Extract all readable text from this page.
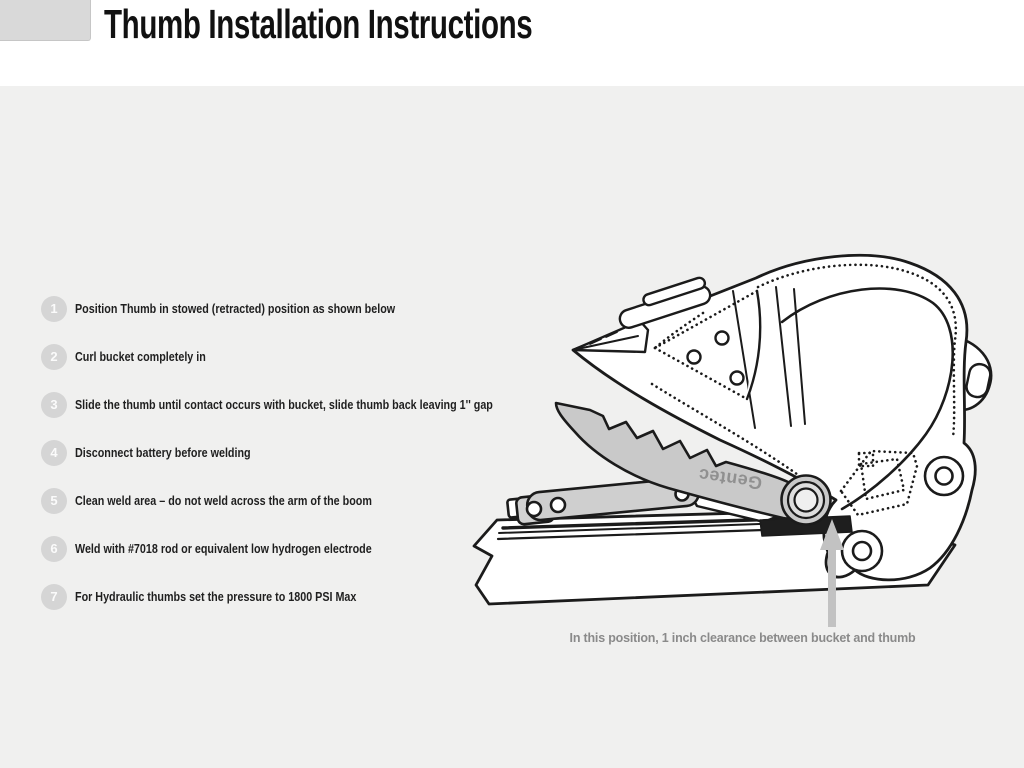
Thumb Installation Instructions
1	Position Thumb in stowed (retracted) position as shown below
2	Curl bucket completely in
3	Slide the thumb until contact occurs with bucket, slide thumb back leaving 1'' gap
4	Disconnect battery before welding
5	Clean weld area – do not weld across the arm of the boom
6	Weld with #7018 rod or equivalent low hydrogen electrode
7	For Hydraulic thumbs set the pressure to 1800 PSI Max
Gentec
In this position, 1 inch clearance between bucket and thumb
